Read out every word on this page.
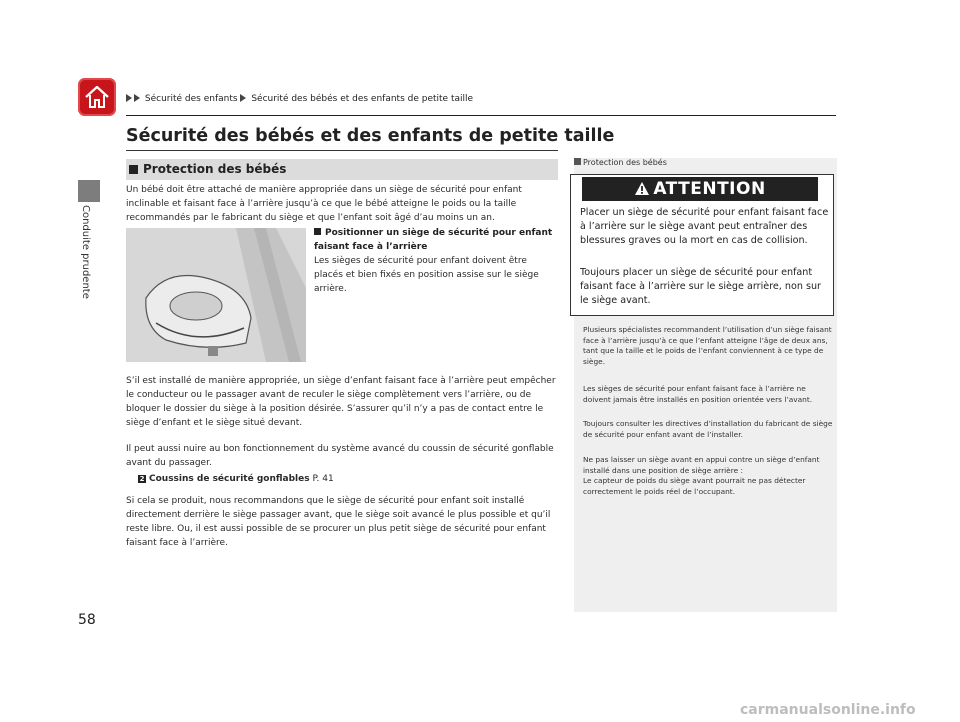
Sécurité des enfants Sécurité des bébés et des enfants de petite taille
Conduite prudente
58
Sécurité des bébés et des enfants de petite taille
Protection des bébés

Un bébé doit être attaché de manière appropriée dans un siège de sécurité pour enfant inclinable et faisant face à l’arrière jusqu’à ce que le bébé atteigne le poids ou la taille recommandés par le fabricant du siège et que l’enfant soit âgé d’au moins un an.

Positionner un siège de sécurité pour enfant faisant face à l’arrière
Les sièges de sécurité pour enfant doivent être placés et bien fixés en position assise sur le siège arrière.

S’il est installé de manière appropriée, un siège d’enfant faisant face à l’arrière peut empêcher le conducteur ou le passager avant de reculer le siège complètement vers l’arrière, ou de bloquer le dossier du siège à la position désirée. S’assurer qu’il n’y a pas de contact entre le siège d’enfant et le siège situé devant.

Il peut aussi nuire au bon fonctionnement du système avancé du coussin de sécurité gonflable avant du passager.

2 Coussins de sécurité gonflables P. 41

Si cela se produit, nous recommandons que le siège de sécurité pour enfant soit installé directement derrière le siège passager avant, que le siège soit avancé le plus possible et qu’il reste libre. Ou, il est aussi possible de se procurer un plus petit siège de sécurité pour enfant faisant face à l’arrière.

Protection des bébés
ATTENTION

Placer un siège de sécurité pour enfant faisant face à l’arrière sur le siège avant peut entraîner des blessures graves ou la mort en cas de collision.

Toujours placer un siège de sécurité pour enfant faisant face à l’arrière sur le siège arrière, non sur le siège avant.

Plusieurs spécialistes recommandent l’utilisation d’un siège faisant face à l’arrière jusqu’à ce que l’enfant atteigne l’âge de deux ans, tant que la taille et le poids de l’enfant conviennent à ce type de siège.

Les sièges de sécurité pour enfant faisant face à l’arrière ne doivent jamais être installés en position orientée vers l’avant.

Toujours consulter les directives d’installation du fabricant de siège de sécurité pour enfant avant de l’installer.

Ne pas laisser un siège avant en appui contre un siège d’enfant installé dans une position de siège arrière :

Le capteur de poids du siège avant pourrait ne pas détecter correctement le poids réel de l’occupant.

carmanualsonline.info
